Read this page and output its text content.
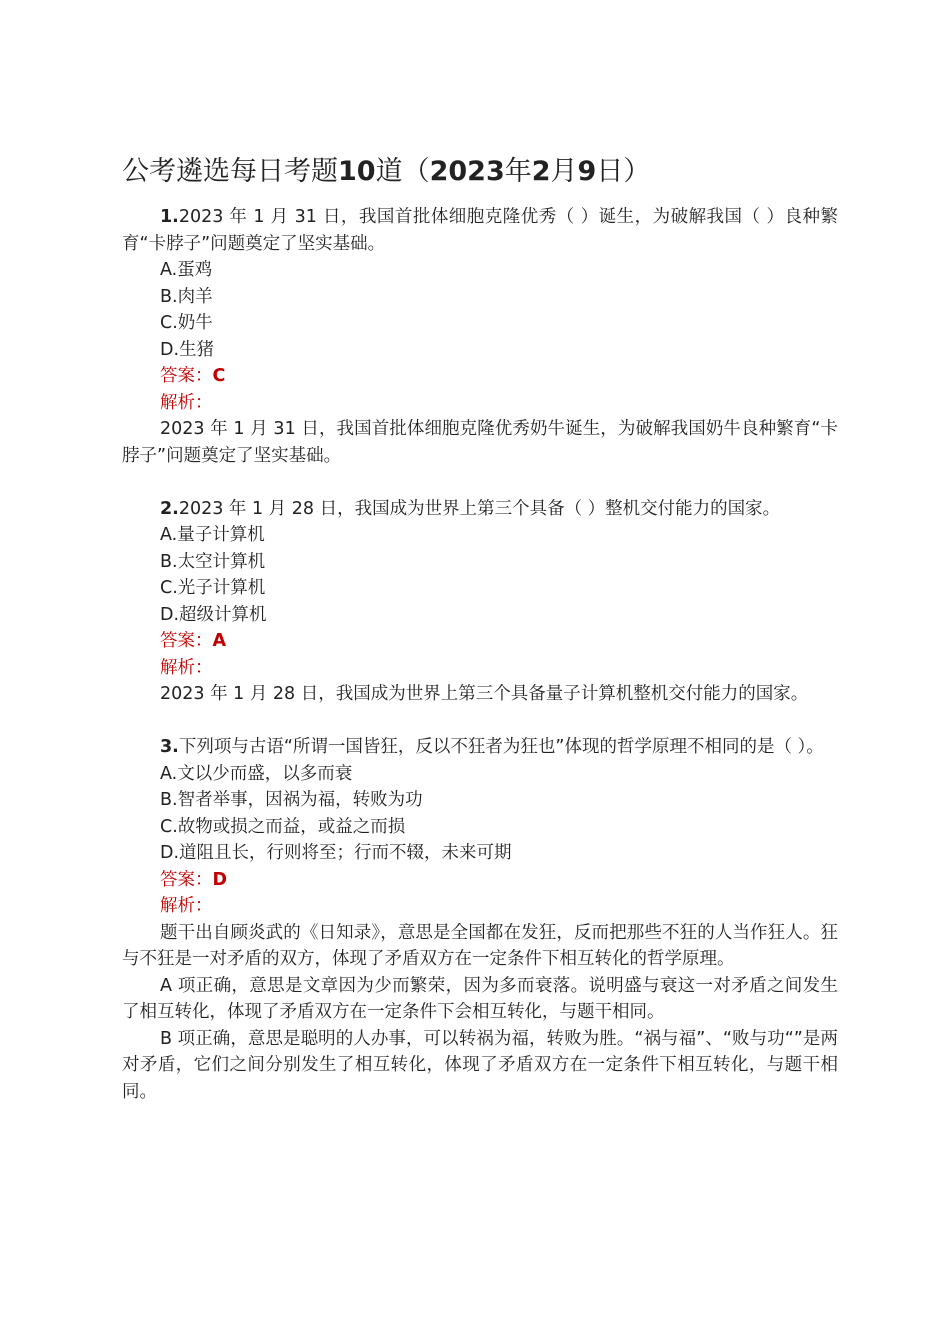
公考遴选每日考题10道（2023年2月9日）

1.2023 年 1 月 31 日，我国首批体细胞克隆优秀（ ）诞生，为破解我国（ ）良种繁育“卡脖子”问题奠定了坚实基础。

A.蛋鸡

B.肉羊

C.奶牛

D.生猪

答案：C

解析：

2023 年 1 月 31 日，我国首批体细胞克隆优秀奶牛诞生，为破解我国奶牛良种繁育“卡脖子”问题奠定了坚实基础。

2.2023 年 1 月 28 日，我国成为世界上第三个具备（ ）整机交付能力的国家。

A.量子计算机

B.太空计算机

C.光子计算机

D.超级计算机

答案：A

解析：

2023 年 1 月 28 日，我国成为世界上第三个具备量子计算机整机交付能力的国家。

3.下列项与古语“所谓一国皆狂，反以不狂者为狂也”体现的哲学原理不相同的是（ ）。

A.文以少而盛，以多而衰

B.智者举事，因祸为福，转败为功

C.故物或损之而益，或益之而损

D.道阻且长，行则将至；行而不辍，未来可期

答案：D

解析：

题干出自顾炎武的《日知录》，意思是全国都在发狂，反而把那些不狂的人当作狂人。狂与不狂是一对矛盾的双方，体现了矛盾双方在一定条件下相互转化的哲学原理。

A 项正确，意思是文章因为少而繁荣，因为多而衰落。说明盛与衰这一对矛盾之间发生了相互转化，体现了矛盾双方在一定条件下会相互转化，与题干相同。

B 项正确，意思是聪明的人办事，可以转祸为福，转败为胜。“祸与福”、“败与功“”是两对矛盾，它们之间分别发生了相互转化，体现了矛盾双方在一定条件下相互转化，与题干相同。
